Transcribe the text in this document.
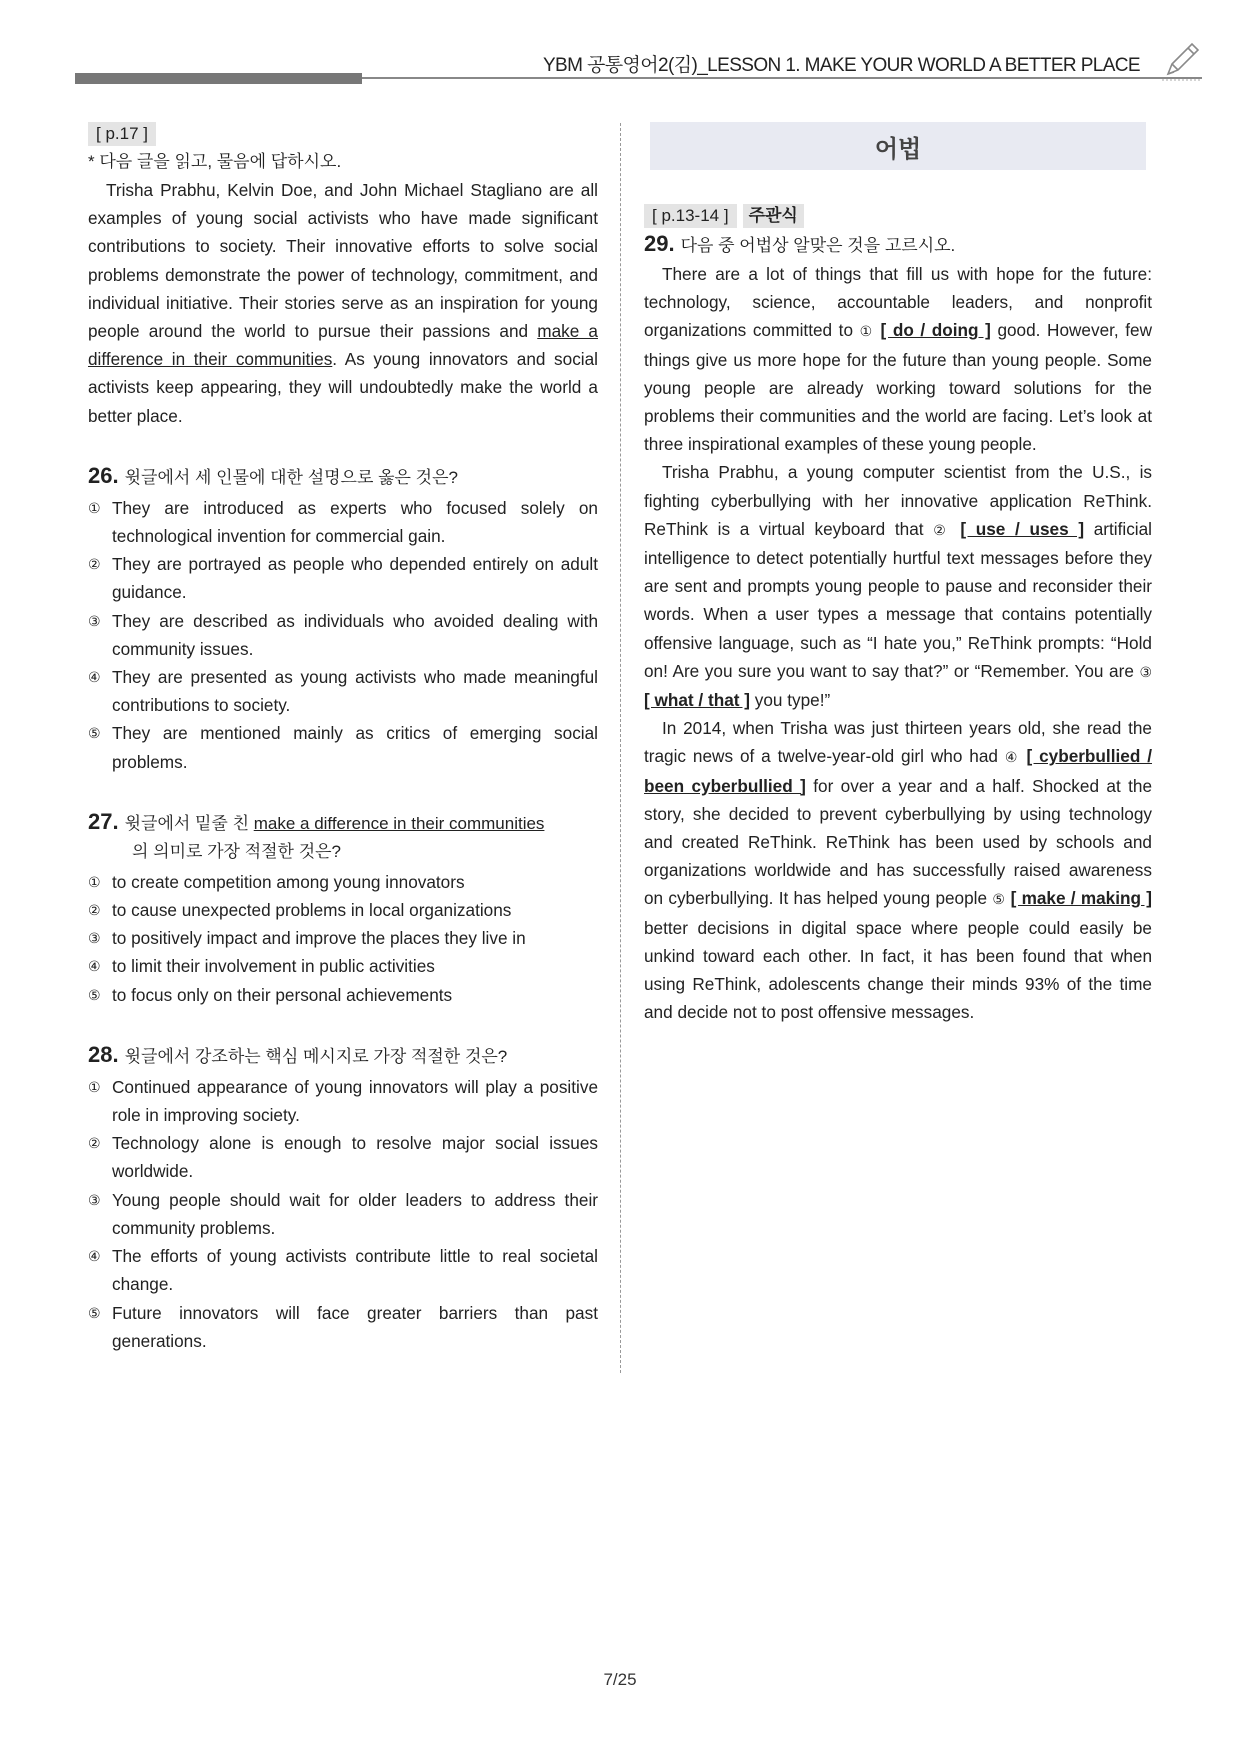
YBM 공통영어2(김)_LESSON 1. MAKE YOUR WORLD A BETTER PLACE
[ p.17 ]
* 다음 글을 읽고, 물음에 답하시오.

Trisha Prabhu, Kelvin Doe, and John Michael Stagliano are all examples of young social activists who have made significant contributions to society. Their innovative efforts to solve social problems demonstrate the power of technology, commitment, and individual initiative. Their stories serve as an inspiration for young people around the world to pursue their passions and make a difference in their communities. As young innovators and social activists keep appearing, they will undoubtedly make the world a better place.

26. 윗글에서 세 인물에 대한 설명으로 옳은 것은?
① They are introduced as experts who focused solely on technological invention for commercial gain.
② They are portrayed as people who depended entirely on adult guidance.
③ They are described as individuals who avoided dealing with community issues.
④ They are presented as young activists who made meaningful contributions to society.
⑤ They are mentioned mainly as critics of emerging social problems.
27. 윗글에서 밑줄 친 make a difference in their communities
의 의미로 가장 적절한 것은?
① to create competition among young innovators
② to cause unexpected problems in local organizations
③ to positively impact and improve the places they live in
④ to limit their involvement in public activities
⑤ to focus only on their personal achievements
28. 윗글에서 강조하는 핵심 메시지로 가장 적절한 것은?
① Continued appearance of young innovators will play a positive role in improving society.
② Technology alone is enough to resolve major social issues worldwide.
③ Young people should wait for older leaders to address their community problems.
④ The efforts of young activists contribute little to real societal change.
⑤ Future innovators will face greater barriers than past generations.
어법
[ p.13-14 ] 주관식
29. 다음 중 어법상 알맞은 것을 고르시오.

There are a lot of things that fill us with hope for the future: technology, science, accountable leaders, and nonprofit organizations committed to ① [ do / doing ] good. However, few things give us more hope for the future than young people. Some young people are already working toward solutions for the problems their communities and the world are facing. Let’s look at three inspirational examples of these young people.

Trisha Prabhu, a young computer scientist from the U.S., is fighting cyberbullying with her innovative application ReThink. ReThink is a virtual keyboard that ② [ use / uses ] artificial intelligence to detect potentially hurtful text messages before they are sent and prompts young people to pause and reconsider their words. When a user types a message that contains potentially offensive language, such as “I hate you,” ReThink prompts: “Hold on! Are you sure you want to say that?” or “Remember. You are ③ [ what / that ] you type!”

In 2014, when Trisha was just thirteen years old, she read the tragic news of a twelve-year-old girl who had ④ [ cyberbullied / been cyberbullied ] for over a year and a half. Shocked at the story, she decided to prevent cyberbullying by using technology and created ReThink. ReThink has been used by schools and organizations worldwide and has successfully raised awareness on cyberbullying. It has helped young people ⑤ [ make / making ] better decisions in digital space where people could easily be unkind toward each other. In fact, it has been found that when using ReThink, adolescents change their minds 93% of the time and decide not to post offensive messages.

7/25
